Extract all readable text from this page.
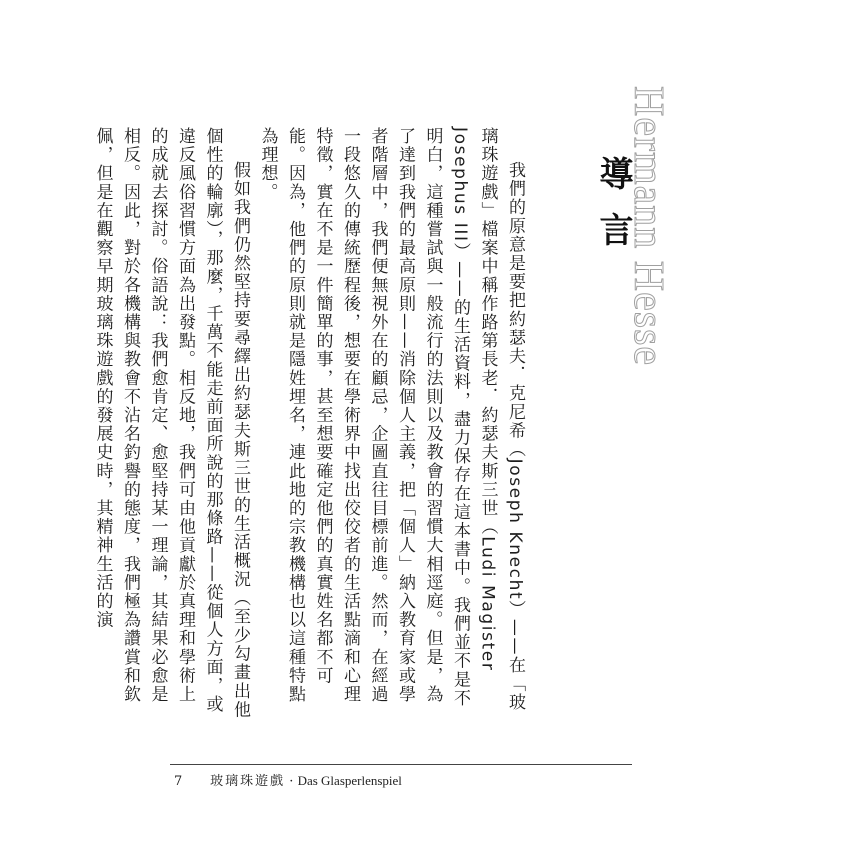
Hermann Hesse
導言

我們的原意是要把約瑟夫．克尼希（Joseph Knecht）——在「玻璃珠遊戲」檔案中稱作路第長老．約瑟夫斯三世（Ludi Magister Josephus III）——的生活資料，盡力保存在這本書中。我們並不是不明白，這種嘗試與一般流行的法則以及教會的習慣大相逕庭。但是，為了達到我們的最高原則——消除個人主義，把「個人」納入教育家或學者階層中，我們便無視外在的顧忌，企圖直往目標前進。然而，在經過一段悠久的傳統歷程後，想要在學術界中找出佼佼者的生活點滴和心理特徵，實在不是一件簡單的事，甚至想要確定他們的真實姓名都不可能。因為，他們的原則就是隱姓埋名，連此地的宗教機構也以這種特點為理想。

假如我們仍然堅持要尋繹出約瑟夫斯三世的生活概況（至少勾畫出他個性的輪廓），那麼，千萬不能走前面所說的那條路——從個人方面，或違反風俗習慣方面為出發點。相反地，我們可由他貢獻於真理和學術上的成就去探討。俗語說：我們愈肯定、愈堅持某一理論，其結果必愈是相反。因此，對於各機構與教會不沾名釣譽的態度，我們極為讚賞和欽佩，但是在觀察早期玻璃珠遊戲的發展史時，其精神生活的演

7 玻璃珠遊戲 · Das Glasperlenspiel
